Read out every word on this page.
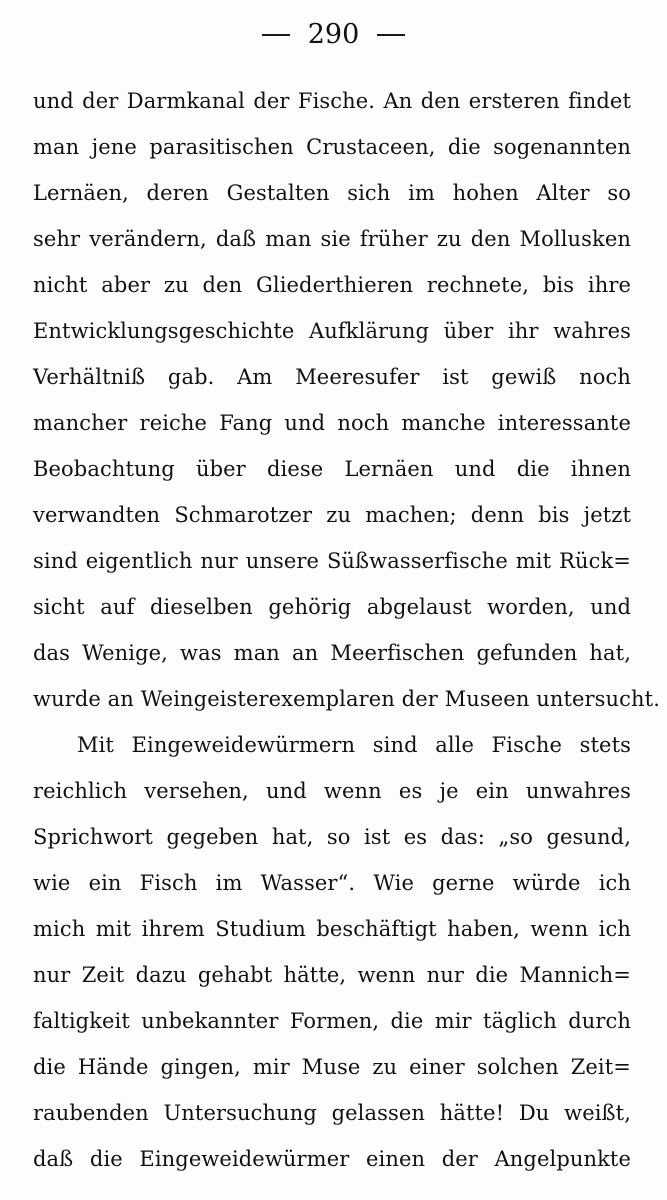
290
und der Darmkanal der Fische. An den ersteren findet
man jene parasitischen Crustaceen, die sogenannten
Lernäen, deren Gestalten sich im hohen Alter so
sehr verändern, daß man sie früher zu den Mollusken
nicht aber zu den Gliederthieren rechnete, bis ihre
Entwicklungsgeschichte Aufklärung über ihr wahres
Verhältniß gab. Am Meeresufer ist gewiß noch
mancher reiche Fang und noch manche interessante
Beobachtung über diese Lernäen und die ihnen
verwandten Schmarotzer zu machen; denn bis jetzt
sind eigentlich nur unsere Süßwasserfische mit Rück=
sicht auf dieselben gehörig abgelaust worden, und
das Wenige, was man an Meerfischen gefunden hat,
wurde an Weingeisterexemplaren der Museen untersucht.
Mit Eingeweidewürmern sind alle Fische stets
reichlich versehen, und wenn es je ein unwahres
Sprichwort gegeben hat, so ist es das: „so gesund,
wie ein Fisch im Wasser“. Wie gerne würde ich
mich mit ihrem Studium beschäftigt haben, wenn ich
nur Zeit dazu gehabt hätte, wenn nur die Mannich=
faltigkeit unbekannter Formen, die mir täglich durch
die Hände gingen, mir Muse zu einer solchen Zeit=
raubenden Untersuchung gelassen hätte! Du weißt,
daß die Eingeweidewürmer einen der Angelpunkte
